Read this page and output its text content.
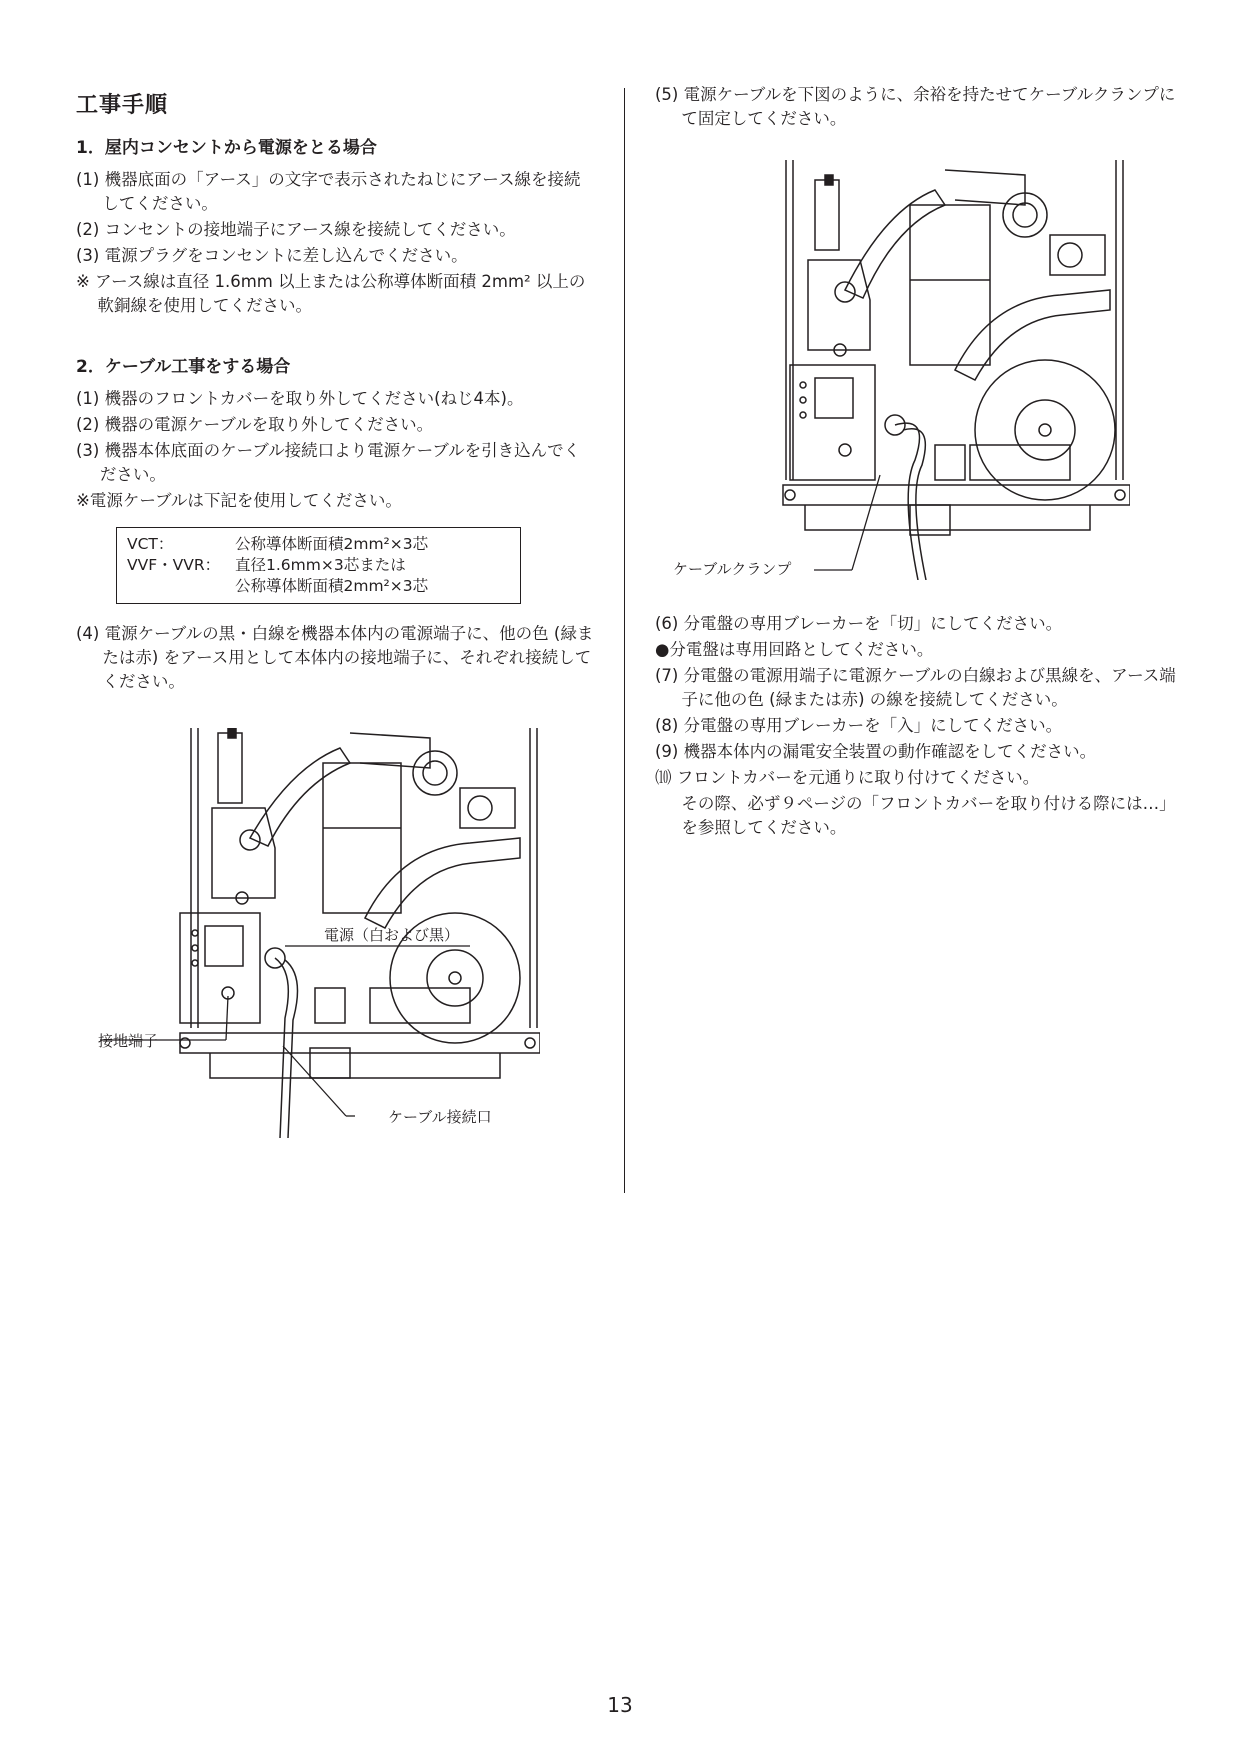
工事手順
1．屋内コンセントから電源をとる場合
(1) 機器底面の「アース」の文字で表示されたねじにアース線を接続してください。
(2) コンセントの接地端子にアース線を接続してください。
(3) 電源プラグをコンセントに差し込んでください。
※ アース線は直径 1.6mm 以上または公称導体断面積 2mm² 以上の軟銅線を使用してください。
2．ケーブル工事をする場合
(1) 機器のフロントカバーを取り外してください(ねじ4本)。
(2) 機器の電源ケーブルを取り外してください。
(3) 機器本体底面のケーブル接続口より電源ケーブルを引き込んでください。
※電源ケーブルは下記を使用してください。
VCT：	公称導体断面積2mm²×3芯
VVF・VVR： 直径1.6mm×3芯または
公称導体断面積2mm²×3芯
(4) 電源ケーブルの黒・白線を機器本体内の電源端子に、他の色 (緑または赤) をアース用として本体内の接地端子に、それぞれ接続してください。
電源（白および黒）
接地端子
ケーブル接続口
(5) 電源ケーブルを下図のように、余裕を持たせてケーブルクランプにて固定してください。
ケーブルクランプ
(6) 分電盤の専用ブレーカーを「切」にしてください。
●分電盤は専用回路としてください。
(7) 分電盤の電源用端子に電源ケーブルの白線および黒線を、アース端子に他の色 (緑または赤) の線を接続してください。
(8) 分電盤の専用ブレーカーを「入」にしてください。
(9) 機器本体内の漏電安全装置の動作確認をしてください。
⑽ フロントカバーを元通りに取り付けてください。
その際、必ず９ページの「フロントカバーを取り付ける際には…」を参照してください。
13
